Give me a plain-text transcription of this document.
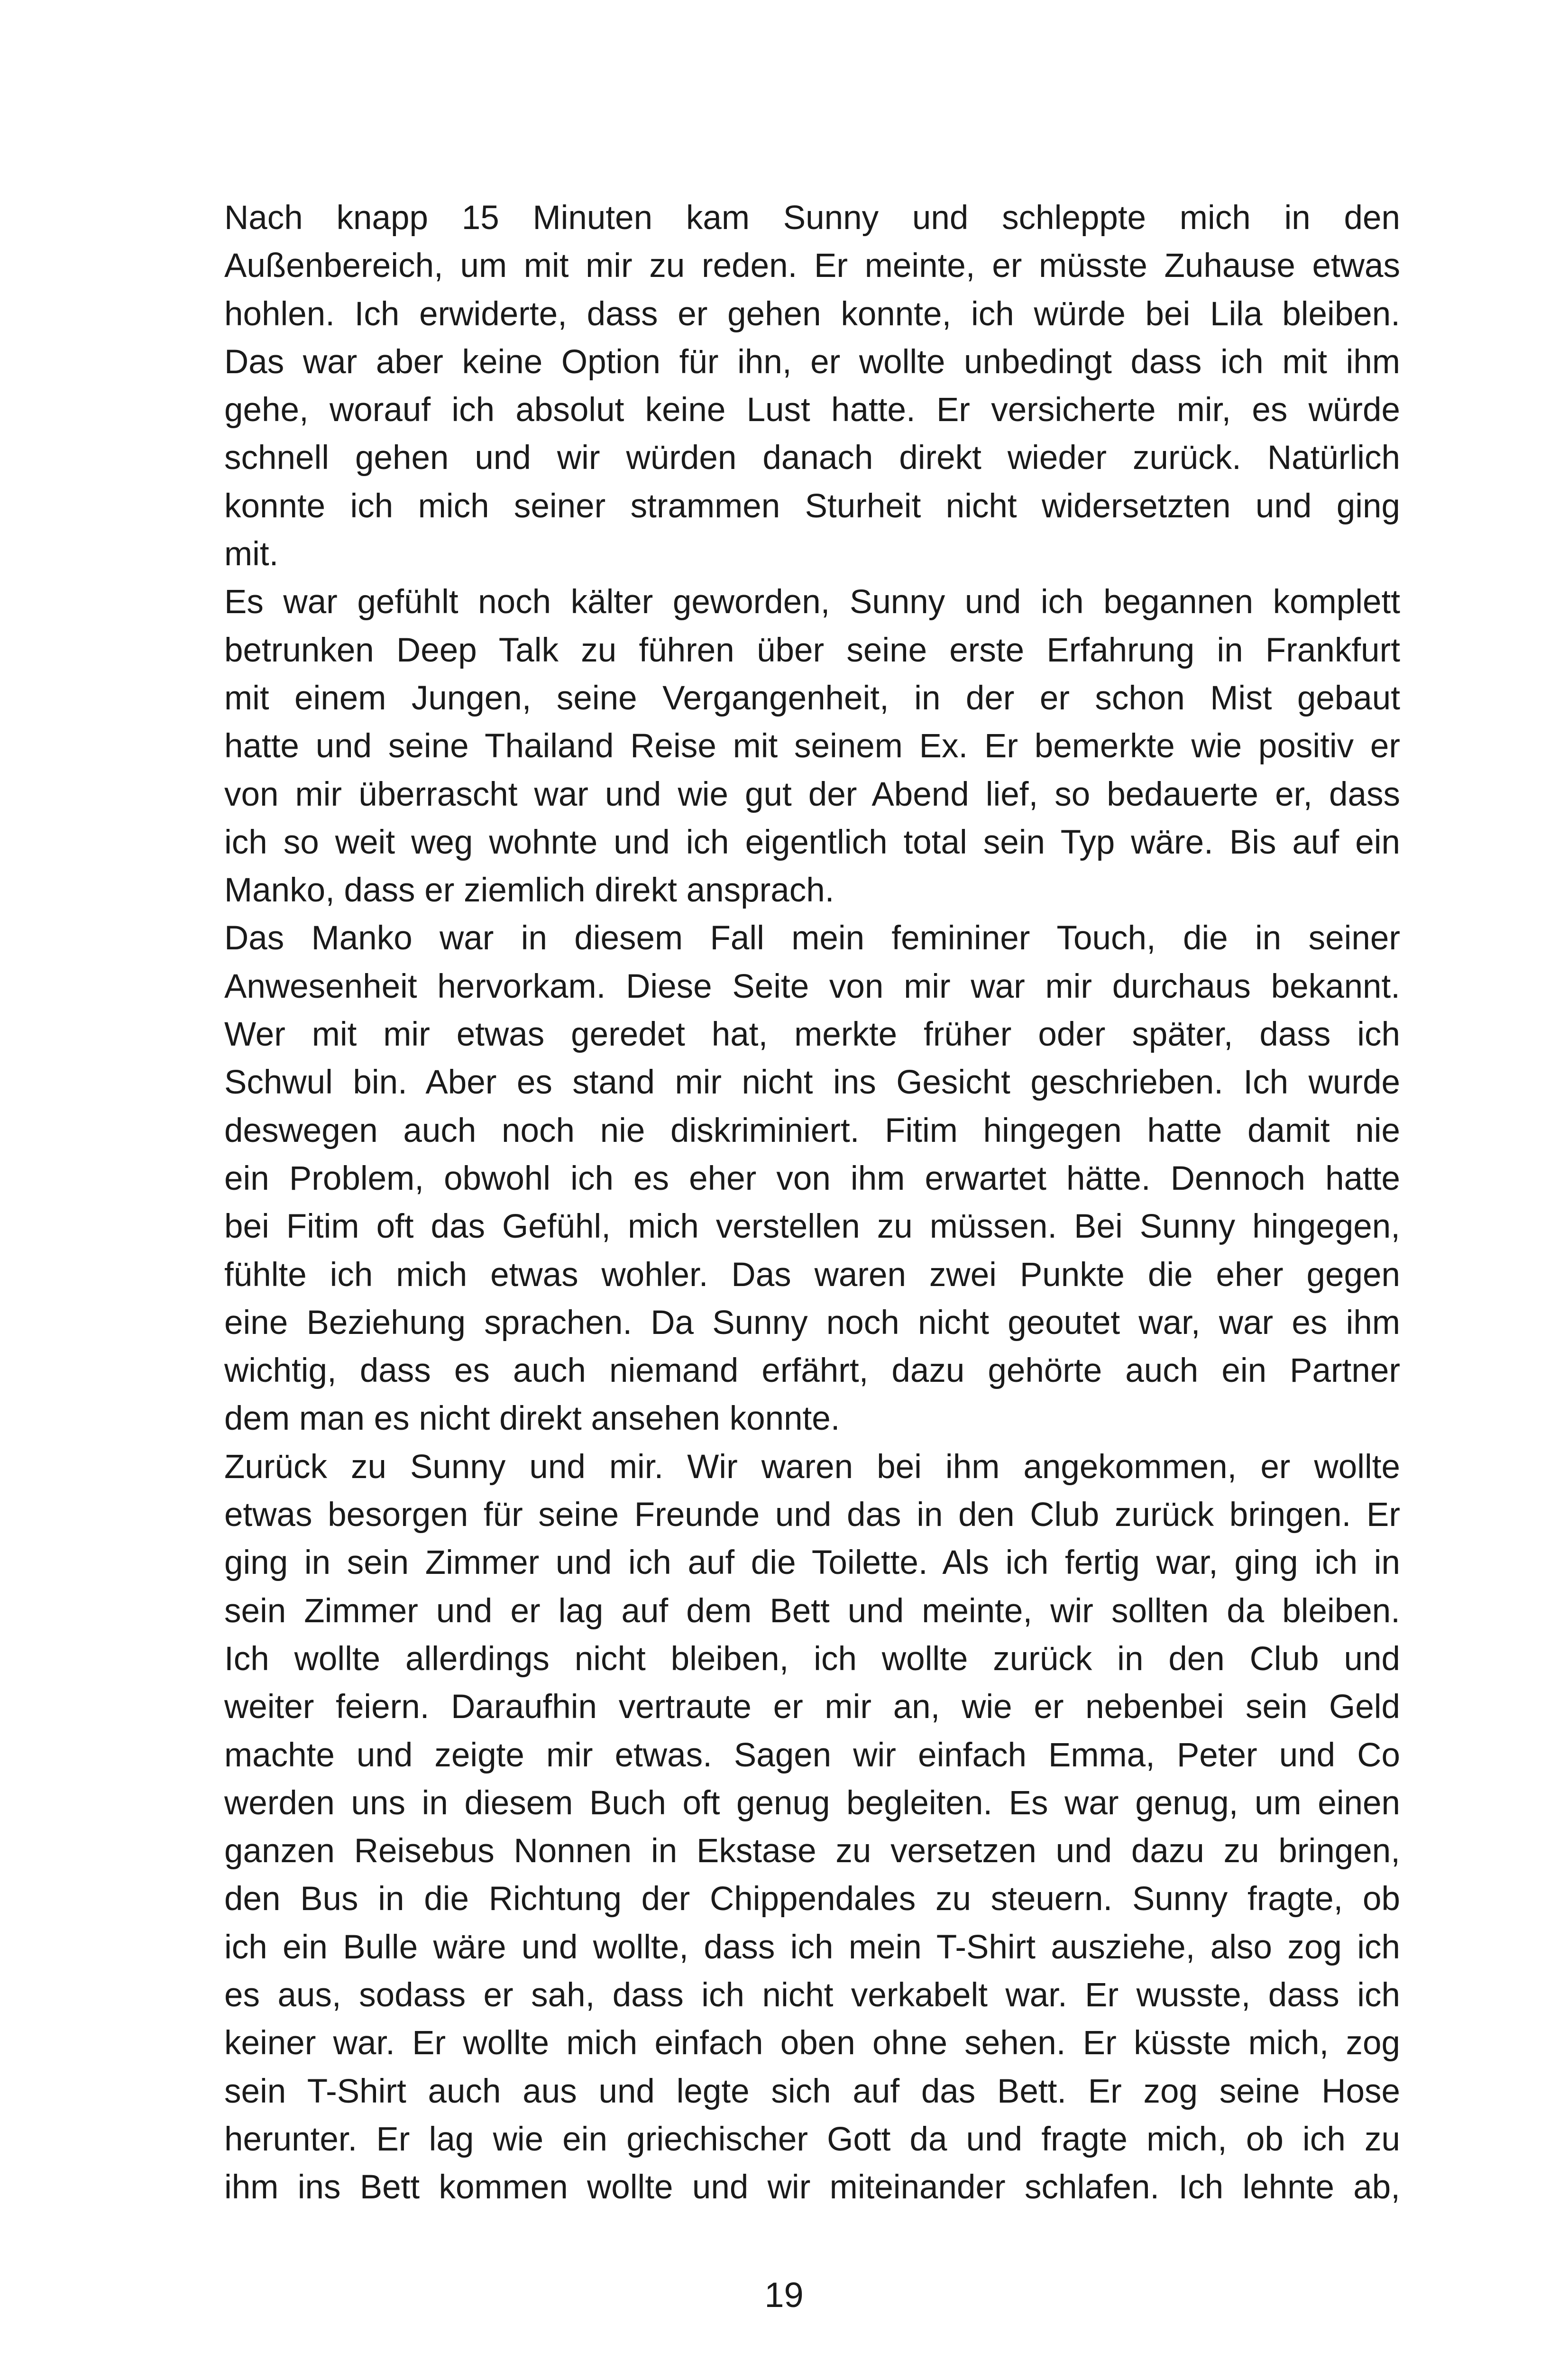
Nach knapp 15 Minuten kam Sunny und schleppte mich in den
Außenbereich, um mit mir zu reden. Er meinte, er müsste Zuhause etwas
hohlen. Ich erwiderte, dass er gehen konnte, ich würde bei Lila bleiben.
Das war aber keine Option für ihn, er wollte unbedingt dass ich mit ihm
gehe, worauf ich absolut keine Lust hatte. Er versicherte mir, es würde
schnell gehen und wir würden danach direkt wieder zurück. Natürlich
konnte ich mich seiner strammen Sturheit nicht widersetzten und ging
mit.
Es war gefühlt noch kälter geworden, Sunny und ich begannen komplett
betrunken Deep Talk zu führen über seine erste Erfahrung in Frankfurt
mit einem Jungen, seine Vergangenheit, in der er schon Mist gebaut
hatte und seine Thailand Reise mit seinem Ex. Er bemerkte wie positiv er
von mir überrascht war und wie gut der Abend lief, so bedauerte er, dass
ich so weit weg wohnte und ich eigentlich total sein Typ wäre. Bis auf ein
Manko, dass er ziemlich direkt ansprach.
Das Manko war in diesem Fall mein femininer Touch, die in seiner
Anwesenheit hervorkam. Diese Seite von mir war mir durchaus bekannt.
Wer mit mir etwas geredet hat, merkte früher oder später, dass ich
Schwul bin. Aber es stand mir nicht ins Gesicht geschrieben. Ich wurde
deswegen auch noch nie diskriminiert. Fitim hingegen hatte damit nie
ein Problem, obwohl ich es eher von ihm erwartet hätte. Dennoch hatte
bei Fitim oft das Gefühl, mich verstellen zu müssen. Bei Sunny hingegen,
fühlte ich mich etwas wohler. Das waren zwei Punkte die eher gegen
eine Beziehung sprachen. Da Sunny noch nicht geoutet war, war es ihm
wichtig, dass es auch niemand erfährt, dazu gehörte auch ein Partner
dem man es nicht direkt ansehen konnte.
Zurück zu Sunny und mir. Wir waren bei ihm angekommen, er wollte
etwas besorgen für seine Freunde und das in den Club zurück bringen. Er
ging in sein Zimmer und ich auf die Toilette. Als ich fertig war, ging ich in
sein Zimmer und er lag auf dem Bett und meinte, wir sollten da bleiben.
Ich wollte allerdings nicht bleiben, ich wollte zurück in den Club und
weiter feiern. Daraufhin vertraute er mir an, wie er nebenbei sein Geld
machte und zeigte mir etwas. Sagen wir einfach Emma, Peter und Co
werden uns in diesem Buch oft genug begleiten. Es war genug, um einen
ganzen Reisebus Nonnen in Ekstase zu versetzen und dazu zu bringen,
den Bus in die Richtung der Chippendales zu steuern. Sunny fragte, ob
ich ein Bulle wäre und wollte, dass ich mein T-Shirt ausziehe, also zog ich
es aus, sodass er sah, dass ich nicht verkabelt war. Er wusste, dass ich
keiner war. Er wollte mich einfach oben ohne sehen. Er küsste mich, zog
sein T-Shirt auch aus und legte sich auf das Bett. Er zog seine Hose
herunter. Er lag wie ein griechischer Gott da und fragte mich, ob ich zu
ihm ins Bett kommen wollte und wir miteinander schlafen. Ich lehnte ab,
19
